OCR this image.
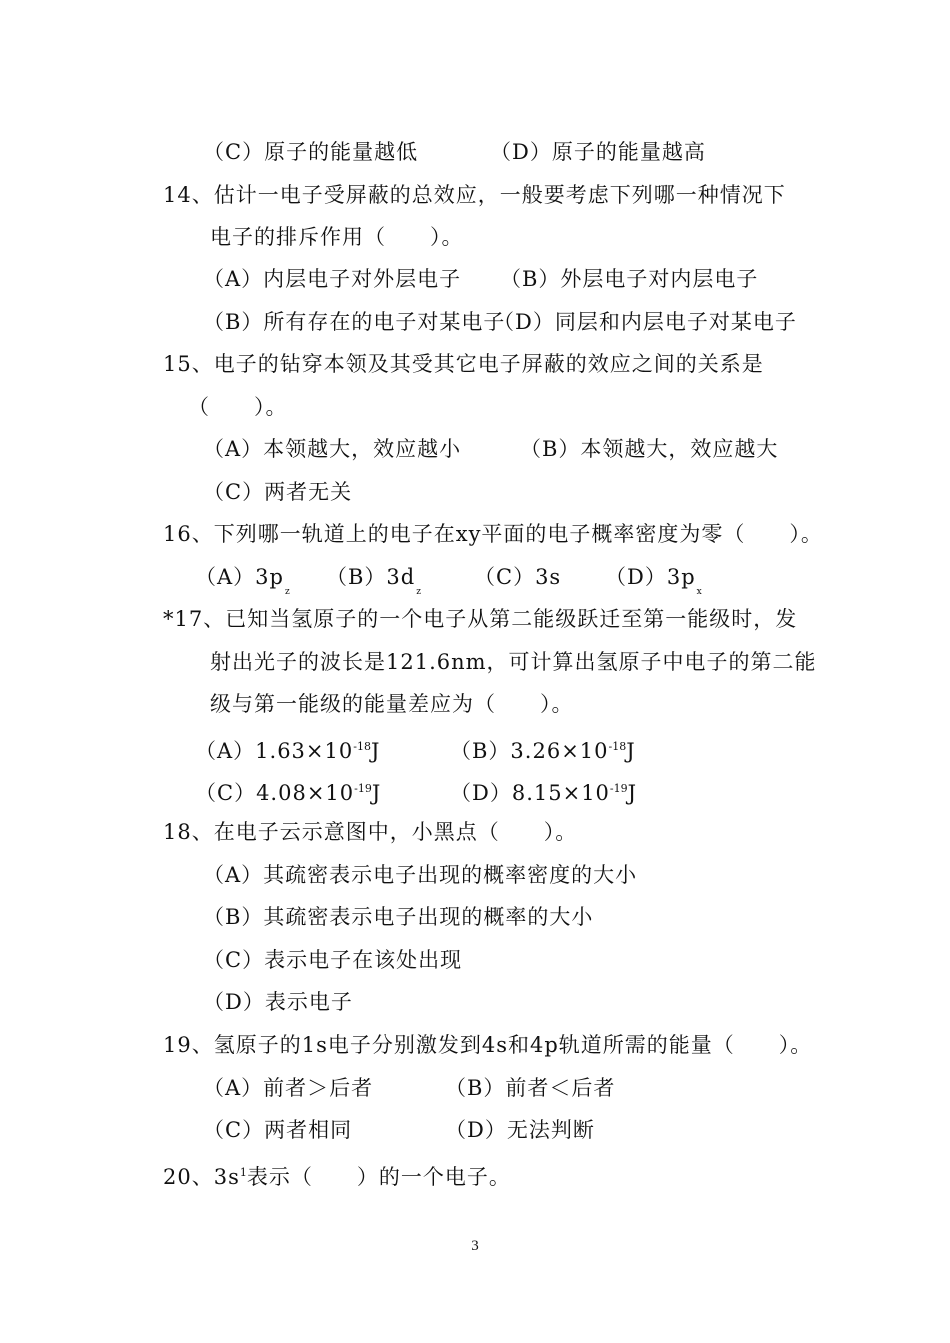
（C）原子的能量越低	（D）原子的能量越高
14、估计一电子受屏蔽的总效应，一般要考虑下列哪一种情况下
电子的排斥作用（　　）。
（A）内层电子对外层电子 （B）外层电子对内层电子
（B）所有存在的电子对某电子
（D）同层和内层电子对某电子
15、电子的钻穿本领及其受其它电子屏蔽的效应之间的关系是
（　　）。
（A）本领越大，效应越小	（B）本领越大，效应越大
（C）两者无关
16、下列哪一轨道上的电子在xy平面的电子概率密度为零（　　）。
$(A)3p_z$
$(B)3d_z$
（C）3s $(D)3p_x$
*17、已知当氢原子的一个电子从第二能级跃迁至第一能级时，发
射出光子的波长是121.6nm，可计算出氢原子中电子的第二能
级与第一能级的能量差应为（　　）。
$(A)1.63\times 10^{-18}J$	$(B)3.26\times 10^{-18}J$
$(C)4.08\times 10^{-19}J$	$(D)8.15\times 10^{-19}J$
18、在电子云示意图中，小黑点（　　）。
（A）其疏密表示电子出现的概率密度的大小
（B）其疏密表示电子出现的概率的大小
（C）表示电子在该处出现
（D）表示电子
19、氢原子的1s电子分别激发到4s和4p轨道所需的能量（　　）。
（A）前者＞后者	（B）前者＜后者
（C）两者相同	（D）无法判断
20、$3s^1$表示（　　）的一个电子。
3
